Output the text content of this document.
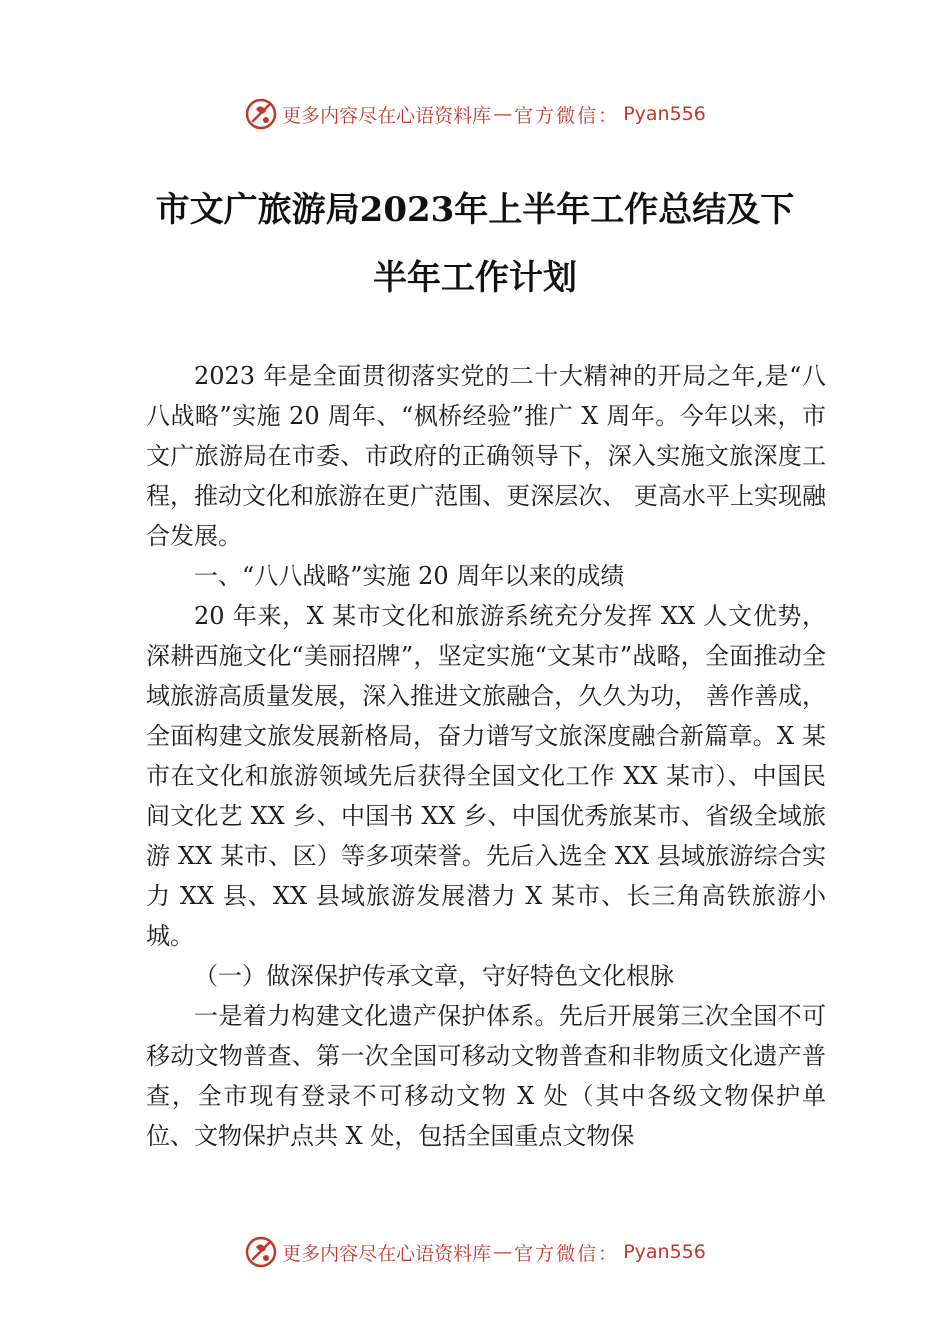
更多内容尽在心语资料库 — 官方微信： Pyan556
市文广旅游局2023年上半年工作总结及下
半年工作计划

2023 年是全面贯彻落实党的二十大精神的开局之年,是“八八战略”实施 20 周年、“枫桥经验”推广 X 周年。今年以来，市文广旅游局在市委、市政府的正确领导下，深入实施文旅深度工程，推动文化和旅游在更广范围、更深层次、 更高水平上实现融合发展。

一、“八八战略”实施 20 周年以来的成绩

20 年来，X 某市文化和旅游系统充分发挥 XX 人文优势，深耕西施文化“美丽招牌”，坚定实施“文某市”战略，全面推动全域旅游高质量发展，深入推进文旅融合，久久为功， 善作善成，全面构建文旅发展新格局，奋力谱写文旅深度融合新篇章。X 某市在文化和旅游领域先后获得全国文化工作 XX 某市）、中国民间文化艺 XX 乡、中国书 XX 乡、中国优秀旅某市、省级全域旅游 XX 某市、区）等多项荣誉。先后入选全 XX 县域旅游综合实力 XX 县、XX 县域旅游发展潜力 X 某市、长三角高铁旅游小城。

（一）做深保护传承文章，守好特色文化根脉

一是着力构建文化遗产保护体系。先后开展第三次全国不可移动文物普查、第一次全国可移动文物普查和非物质文化遗产普查，全市现有登录不可移动文物 X 处（其中各级文物保护单位、文物保护点共 X 处，包括全国重点文物保

更多内容尽在心语资料库 — 官方微信： Pyan556
